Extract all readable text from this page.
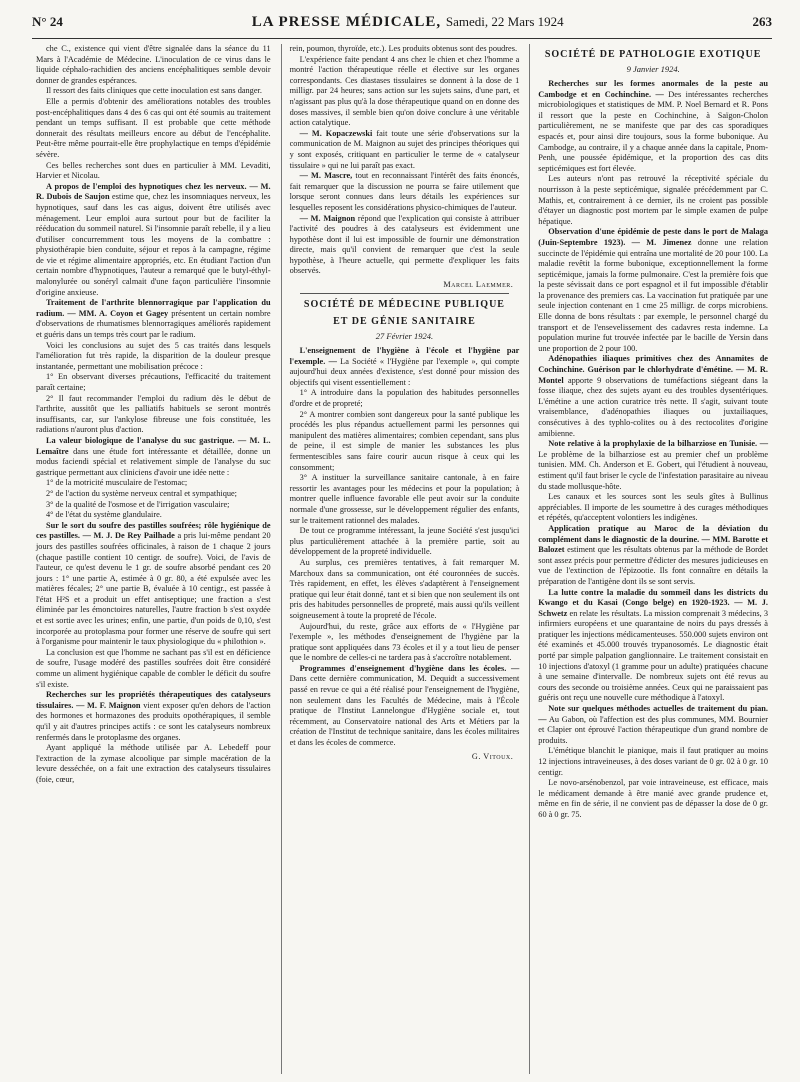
N° 24	LA PRESSE MÉDICALE, Samedi, 22 Mars 1924	263

che C., existence qui vient d'être signalée dans la séance du 11 Mars à l'Académie de Médecine. L'inoculation de ce virus dans le liquide céphalo-rachidien des anciens encéphalitiques semble devoir donner de grandes espérances.

Il ressort des faits cliniques que cette inoculation est sans danger.

Elle a permis d'obtenir des améliorations notables des troubles post-encéphalitiques dans 4 des 6 cas qui ont été soumis au traitement pendant un temps suffisant. Il est probable que cette méthode donnerait des résultats meilleurs encore au début de l'encéphalite. Peut-être même pourrait-elle être prophylactique en temps d'épidémie sévère.

Ces belles recherches sont dues en particulier à MM. Levaditi, Harvier et Nicolau.

A propos de l'emploi des hypnotiques chez les nerveux. — M. R. Dubois de Saujon estime que, chez les insomniaques nerveux, les hypnotiques, sauf dans les cas aigus, doivent être utilisés avec ménagement. Leur emploi aura surtout pour but de faciliter la rééducation du sommeil naturel. Si l'insomnie paraît rebelle, il y a lieu d'utiliser concurremment tous les moyens de la combattre : physiothérapie bien conduite, séjour et repos à la campagne, régime de vie et régime alimentaire appropriés, etc. En étudiant l'action d'un certain nombre d'hypnotiques, l'auteur a remarqué que le butyl-éthyl-malonylurée ou sonéryl calmait d'une façon particulière l'insomnie d'origine anxieuse.

Traitement de l'arthrite blennorragique par l'application du radium. — MM. A. Coyon et Gagey présentent un certain nombre d'observations de rhumatismes blennorragiques améliorés rapidement et guéris dans un temps très court par le radium.

Voici les conclusions au sujet des 5 cas traités dans lesquels l'amélioration fut très rapide, la disparition de la douleur presque instantanée, permettant une mobilisation précoce :

1° En observant diverses précautions, l'efficacité du traitement paraît certaine;

2° Il faut recommander l'emploi du radium dès le début de l'arthrite, aussitôt que les palliatifs habituels se seront montrés insuffisants, car, sur l'ankylose fibreuse une fois constituée, les radiations n'auront plus d'action.

La valeur biologique de l'analyse du suc gastrique. — M. L. Lemaître dans une étude fort intéressante et détaillée, donne un modus faciendi spécial et relativement simple de l'analyse du suc gastrique permettant aux cliniciens d'avoir une idée nette :

1° de la motricité musculaire de l'estomac;

2° de l'action du système nerveux central et sympathique;

3° de la qualité de l'osmose et de l'irrigation vasculaire;

4° de l'état du système glandulaire.

Sur le sort du soufre des pastilles soufrées; rôle hygiénique de ces pastilles. — M. J. De Rey Pailhade a pris lui-même pendant 20 jours des pastilles soufrées officinales, à raison de 1 chaque 2 jours (chaque pastille contient 10 centigr. de soufre). Voici, de l'avis de l'auteur, ce qu'est devenu le 1 gr. de soufre absorbé pendant ces 20 jours : 1° une partie A, estimée à 0 gr. 80, a été expulsée avec les matières fécales; 2° une partie B, évaluée à 10 centigr., est passée à l'état H²S et a produit un effet antiseptique; une fraction a s'est éliminée par les émonctoires naturelles, l'autre fraction b s'est oxydée et est sortie avec les urines; enfin, une partie, d'un poids de 0,10, s'est incorporée au protoplasma pour former une réserve de soufre qui sert à l'organisme pour maintenir le taux physiologique du « philothion ».

La conclusion est que l'homme ne sachant pas s'il est en déficience de soufre, l'usage modéré des pastilles soufrées doit être considéré comme un aliment hygiénique capable de combler le déficit du soufre s'il existe.

Recherches sur les propriétés thérapeutiques des catalyseurs tissulaires. — M. F. Maignon vient exposer qu'en dehors de l'action des hormones et hormazones des produits opothérapiques, il semble qu'il y ait d'autres principes actifs : ce sont les catalyseurs nombreux renfermés dans le protoplasme des organes.

Ayant appliqué la méthode utilisée par A. Lebedeff pour l'extraction de la zymase alcoolique par simple macération de la levure desséchée, on a fait une extraction des catalyseurs tissulaires (foie, cœur,

rein, poumon, thyroïde, etc.). Les produits obtenus sont des poudres.

L'expérience faite pendant 4 ans chez le chien et chez l'homme a montré l'action thérapeutique réelle et élective sur les organes correspondants. Ces diastases tissulaires se donnent à la dose de 1 milligr. par 24 heures; sans action sur les sujets sains, d'une part, et n'agissant pas plus qu'à la dose thérapeutique quand on en donne des doses massives, il semble bien qu'on doive conclure à une véritable action catalytique.

— M. Kopaczewski fait toute une série d'observations sur la communication de M. Maignon au sujet des principes théoriques qui y sont exposés, critiquant en particulier le terme de « catalyseur tissulaire » qui ne lui paraît pas exact.

— M. Mascre, tout en reconnaissant l'intérêt des faits énoncés, fait remarquer que la discussion ne pourra se faire utilement que lorsque seront connues dans leurs détails les expériences sur lesquelles reposent les considérations physico-chimiques de l'auteur.

— M. Maignon répond que l'explication qui consiste à attribuer l'activité des poudres à des catalyseurs est évidemment une hypothèse dont il lui est impossible de fournir une démonstration directe, mais qu'il convient de remarquer que c'est la seule hypothèse, à l'heure actuelle, qui permette d'expliquer les faits observés.

Marcel Laemmer.
SOCIÉTÉ DE MÉDECINE PUBLIQUE
ET DE GÉNIE SANITAIRE
27 Février 1924.

L'enseignement de l'hygiène à l'école et l'hygiène par l'exemple. — La Société « l'Hygiène par l'exemple », qui compte aujourd'hui deux années d'existence, s'est donné pour mission des objectifs qui visent essentiellement :

1° A introduire dans la population des habitudes personnelles d'ordre et de propreté;

2° A montrer combien sont dangereux pour la santé publique les procédés les plus répandus actuellement parmi les personnes qui manipulent des matières alimentaires; combien cependant, sans plus de peine, il est simple de manier les substances les plus fermentescibles sans faire courir aucun risque à ceux qui les consomment;

3° A instituer la surveillance sanitaire cantonale, à en faire ressortir les avantages pour les médecins et pour la population; à montrer quelle influence favorable elle peut avoir sur la conduite normale d'une grossesse, sur le développement régulier des enfants, sur le traitement rationnel des malades.

De tout ce programme intéressant, la jeune Société s'est jusqu'ici plus particulièrement attachée à la première partie, soit au développement de la propreté individuelle.

Au surplus, ces premières tentatives, à fait remarquer M. Marchoux dans sa communication, ont été couronnées de succès. Très rapidement, en effet, les élèves s'adaptèrent à l'enseignement pratique qui leur était donné, tant et si bien que non seulement ils ont pris des habitudes personnelles de propreté, mais aussi qu'ils veillent soigneusement à toute la propreté de l'école.

Aujourd'hui, du reste, grâce aux efforts de « l'Hygiène par l'exemple », les méthodes d'enseignement de l'hygiène par la pratique sont appliquées dans 73 écoles et il y a tout lieu de penser que le nombre de celles-ci ne tardera pas à s'accroître notablement.

Programmes d'enseignement d'hygiène dans les écoles. — Dans cette dernière communication, M. Dequidt a successivement passé en revue ce qui a été réalisé pour l'enseignement de l'hygiène, non seulement dans les Facultés de Médecine, mais à l'École pratique de l'Institut Lannelongue d'Hygiène sociale et, tout récemment, au Conservatoire national des Arts et Métiers par la création de l'Institut de technique sanitaire, dans les écoles militaires et dans les écoles de commerce.

G. Vitoux.
SOCIÉTÉ DE PATHOLOGIE EXOTIQUE
9 Janvier 1924.

Recherches sur les formes anormales de la peste au Cambodge et en Cochinchine. — Des intéressantes recherches microbiologiques et statistiques de MM. P. Noel Bernard et R. Pons il ressort que la peste en Cochinchine, à Saïgon-Cholon particulièrement, ne se manifeste que par des cas sporadiques espacés et, pour ainsi dire toujours, sous la forme bubonique. Au Cambodge, au contraire, il y a chaque année dans la capitale, Pnom-Penh, une poussée épidémique, et la proportion des cas dits septicémiques est fort élevée.

Les auteurs n'ont pas retrouvé la réceptivité spéciale du nourrisson à la peste septicémique, signalée précédemment par C. Mathis, et, contrairement à ce dernier, ils ne croient pas possible d'étayer un diagnostic post mortem par le simple examen de pulpe hépatique.

Observation d'une épidémie de peste dans le port de Malaga (Juin-Septembre 1923). — M. Jimenez donne une relation succincte de l'épidémie qui entraîna une mortalité de 20 pour 100. La maladie revêtit la forme bubonique, exceptionnellement la forme septicémique, jamais la forme pulmonaire. C'est la première fois que la peste sévissait dans ce port espagnol et il fut impossible d'établir la provenance des premiers cas. La vaccination fut pratiquée par une seule injection contenant en 1 cme 25 milligr. de corps microbiens. Elle donna de bons résultats : par exemple, le personnel chargé du transport et de l'ensevelissement des cadavres resta indemne. La population murine fut trouvée infectée par le bacille de Yersin dans une proportion de 2 pour 100.

Adénopathies iliaques primitives chez des Annamites de Cochinchine. Guérison par le chlorhydrate d'émétine. — M. R. Montel apporte 9 observations de tuméfactions siégeant dans la fosse iliaque, chez des sujets ayant eu des troubles dysentériques. L'émétine a une action curatrice très nette. Il s'agit, suivant toute vraisemblance, d'adénopathies iliaques ou juxtailiaques, consécutives à des typhlo-colites ou à des rectocolites d'origine amibienne.

Note relative à la prophylaxie de la bilharziose en Tunisie. — Le problème de la bilharziose est au premier chef un problème tunisien. MM. Ch. Anderson et E. Gobert, qui l'étudient à nouveau, estiment qu'il faut briser le cycle de l'infestation parasitaire au niveau du stade mollusque-hôte.

Les canaux et les sources sont les seuls gîtes à Bullinus appréciables. Il importe de les soumettre à des curages méthodiques et répétés, qu'acceptent volontiers les indigènes.

Application pratique au Maroc de la déviation du complément dans le diagnostic de la dourine. — MM. Barotte et Balozet estiment que les résultats obtenus par la méthode de Bordet sont assez précis pour permettre d'édicter des mesures judicieuses en vue de l'extinction de l'épizootie. Ils font connaître en détails la préparation de l'antigène dont ils se sont servis.

La lutte contre la maladie du sommeil dans les districts du Kwango et du Kasai (Congo belge) en 1920-1923. — M. J. Schwetz en relate les résultats. La mission comprenait 3 médecins, 3 infirmiers européens et une quarantaine de noirs du pays dressés à pratiquer les injections médicamenteuses. 550.000 sujets environ ont été examinés et 45.000 trouvés trypanosomés. Le diagnostic était porté par simple palpation ganglionnaire. Le traitement consistait en 10 injections d'atoxyl (1 gramme pour un adulte) pratiquées chacune à une semaine d'intervalle. De nombreux sujets ont été revus au cours des seconde ou troisième années. Ceux qui ne paraissaient pas guéris ont reçu une nouvelle cure méthodique à l'atoxyl.

Note sur quelques méthodes actuelles de traitement du pian. — Au Gabon, où l'affection est des plus communes, MM. Bournier et Clapier ont éprouvé l'action thérapeutique d'un grand nombre de produits.

L'émétique blanchit le pianique, mais il faut pratiquer au moins 12 injections intraveineuses, à des doses variant de 0 gr. 02 à 0 gr. 10 centigr.

Le novo-arsénobenzol, par voie intraveineuse, est efficace, mais le médicament demande à être manié avec grande prudence et, même en fin de série, il ne convient pas de dépasser la dose de 0 gr. 60 à 0 gr. 75.
